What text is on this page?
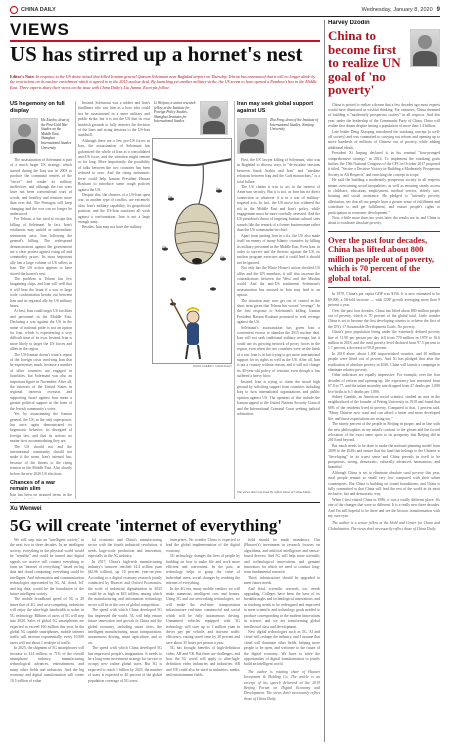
CHINA DAILY	Wednesday, January 8, 2020 9
VIEWS
US has stirred up a hornet's nest
Editor's Note: In response to the US drone attack that killed Iranian general Qassem Soleimani near Baghdad airport on Thursday, Tehran has announced that it will no longer abide by the restrictions on its nuclear enrichment which it agreed to in the 2015 nuclear deal. By launching yet another military strike, the US seems to have opened a Pandora's box in the Middle East. Three experts share their views on the issue with China Daily's Liu Jianna. Excerpts follow:
US hegemony on full display
Hu Xiaobo, dean of the Post-Cold War Studies on the Middle East, Shanghai International Studies University

The assassination of Soleimani is part of a much larger US strategy, which started during the Iraq war in 2003 to produce the command centers of the "terror" and render its military ineffective, and although the two wars have not been conventional wars of words, and hostility and tensions more than ever did. The Pentagon will keep changing and the war can no longer be understood.

For Tehran, it has tried to escape this killing of Soleimani. In fact, Iran's retaliation may unfold as nationalistic sentiments arise. Iran following the general's killing. The widespread demonstrations against the government are a clear protest against rising oil and commodity prices. Its most important ally has a large volume of US sellers in Iran. The US action appears to have stirred the hornet's nest.

The problem is Tehran has few bargaining chips, and Iran will well that it will bear the brunt if a war or large scale confrontation breaks out between Iran and its regional ally by US military bases.

At best, Iran could target US facilities and personnel in the Middle East. Declaring a war against the US in the name of national pride is not an option for Iran, which is experiencing a very difficult time of its own. Instead, Iran is more likely to target the US forces and allies in the region.

The US-Iranian doesn't want a repeat of the foreign crisis involving Iran that he experiences much, because a number of other countries are engaged in hostilities, but Soleimani was also an important figure in November. After all, the interests of the United States in regional interests overseas and supporting Israel against Iran mean a greater political support in the form of the Jewish community's votes.

Yet, by assassinating the Iranian general, the US, as the only superpower, has once again demonstrated its hegemonic behavior, its disregard of foreign law, and that its actions no matter how accommodating they are.

The US should not and the international community should not make it the norm. Iran's internal law, because of the threats to the rising tension in the Middle East. Also shortly before the new 2020 US elections.

Chances of a war remain slim
Iran has been on strained terms in the

Instead, Soleimani was a soldier and Iran's hardliners who saw him as a hero who could not be assassinated in a mere military and public strike, but it is not the US that its own hawkish grounds to fully answers the decision of the lines and rising tensions to the US-Iran standstill.

Although there are a few pro-US forces in Iran, the assassination of Soleimani has galvanized the whole of Iran as a consolidated anti-US force, and the situation might remain so for long. More importantly, the possibility of talks between the two countries has been reduced to zero. And the rising antisemitic fever could help Iranian President Hassan Rouhani to introduce some tough policies against the US.

Despite this, the chances of a US-Iran open war, or another type of conflict, are extremely slim. Iran's military capability, its geopolitical position, and the US-Iran sanctions all work against a confrontation. Iran is not a large enough army.

Besides, Iran may not have the military

Li Weijian, a senior research fellow at the Institute for Foreign Policy Studies, Shanghai Institutes for International Studies

DONG XUEBIN / CHINA DAILY
Iran may seek global support against US
Zhu Feng, dean of the Institute of International Studies, Nanjing University

First, the US' lawyer killing of Soleimani, who was in Baghdad to discuss ways to "de-escalate tensions between Saudi Arabia and Iran" and "mediate relations between Iraq and the Gulf monarchies," is a total failure.

The US claims it was to act in the interest of American security. But it is not, as Iran has no direct connection or whatever it is in a war of military-targeted acts. In fact, the US move has widened the rift in the Middle East and Iran's policy, while engagement must be more carefully assessed. And the US president's threat of targeting Iranian cultural sites sounds like the remark of a former businessman rather than the US commander-in-chief.

Apart from putting Iran in a fix, the US also made itself an enemy of many Islamic countries by killing its military personnel in the Middle East. Even Iran, in order to survive and the rhetoric against the US, its nuclear program exercises and it could lead it should not be ignored.

Not only has the White House's action shocked US allies and the UN members, it will also increase the contradictions between the West and the Muslim world. And the anti-US sentiments Soleimani's assassination has aroused in Iran may lead to an uproar.

The situation may now get out of control in the short term given that Tehran has vowed "revenge". In the first response to Soleimani's killing, Iranian President Hassan Rouhani promised to seek revenge against the US.

Soleimani's assassination has given Iran a convenient excuse to abandon the 2015 nuclear deal. Iran will not seek traditional military revenge, but it could use its growing network of proxy forces in the region, even when the two countries were on the brink of a war. Iran is in fact trying to get more international support for its rights as well as the US. After all, Iran is not a country without reason, and it will not change its 40-year-old policy of restraint even though it has suffered a heavy blow.

Instead, Iran is trying to claim the moral high ground by soliciting support from countries including Iraq to turn international organizations and public opinion against US. The opinions of this include the Iranian appeal to the United Nations Security Council and the International Criminal Court seeking judicial arbitration.

The views don't necessarily reflect those of China Daily.
Xu Wenwei
5G will create 'internet of everything'

We will step into an "intelligent society" in the next two to three decades. In an intelligent society, everything in the physical world would be "sensible" and could be turned into digital signals we receive will connect everything to form an "internet of everything," based on big data and cloud computing, everything could be intelligent. And information and communication technologies represented by 5G, AI, cloud, IoT and big data, would be the foundation of the future intelligent society.

The mobile broadband speed of 5G is 20 times that of 4G, and cost-competing, industries will enjoy the ultra-high bandwidth to usher in 5G technology. Billions of users of 5G will step into 2020. Sales of global 5G smartphones are expected to exceed 160 million this year. In the global 5G capable smartphones, mobile internet traffic will increase exponentially, every 10,000 users will use about 1 terabyte of traffic.

In 2025, the shipment of 5G smartphones will increase to 414 million, or 71% of the overall smartphone industry, manufacturing technological advances, entertainment, and many other fields and industries. And the big economy and digital transformation will create 10.5 trillion of value.

ful economic and China's manufacturing sector with the fourth industrial revolution, it needs large-scale production and innovation, especially in the 5G industry.

In 2017, China's high-tech manufacturing industry's turnover reached 14.4 trillion yuan ($2.06 trillion), up 10 percent year-on-year. According to a digital economy research jointly conducted by Huawei and Oxford Economics, the scale of industrial digitalization in 2025 could be as high as $23 trillion, among which the manufacturing and information technology sector will be at the core of global competition.

The speed with which China developed 5G has impressed the world. 5G will help ensure future innovation and growth in China and the global economy, including smart cities, the intelligent manufacturing, smart transportation, autonomous driving, smart agriculture, and so on.

The speed with which China developed 5G has impressed people's imagination. It needs to be a long-term investment strategy for service to occupy new online global users. But 5G is expected to reach 1 billion by 2025, the number of users is expected to 40 percent of the global population coverage of 5G users.

enterprises. No wonder China is expected to lead the global implementation of the digital economy.

5G technology changes the lives of people by building on how to make life and work more efficient and convenient. In the past, as technology helps to grasp the value of individual users, social changes by reaching the internet of everything.

In the 4G era, many mobile vendors we will make numerous intelligent cars and homes. Using 5G and our networking technologies, we will make the real-time transportation infrastructure real-time commercial and social which will be fully autonomous driving. Unmanned vehicles equipped with 5G technology will save up to 1 million yuan in driver pay per vehicle, and increase traffic efficiency, cutting travel time by 20 percent and save about 35 hours per person a year.

5G has brought benefits of high-definition video, AR and VR. But there are challenges, and how the 5G world will apply to ultra-high-definition video industries and industries. AR and VR could also be used in industries, media, and entertainment fields.

field should be made mandatory. Our (Huawei's) investment in research focuses on algorithms, and artificial intelligence and sensor-based devices. And 5G will help more scientific and technological innovations and genuine innovators for which we need to conduct long-term fundamental research.

Third, infrastructure should be upgraded to meet future needs.

And third, scientific research, too, needs upgrading. Colleges have been the base of its breakthroughs and technological innovations, and in teaching needs to be redesigned and improved to meet scientific and technology goals needed to produce corresponding to the modern innovations in science, and we are transforming global intellectual class and development.

New digital technologies such as 5G, AI and cloud will reshape the industry, and I assume that cloud will dominate other fields, helping more people to be open, and welcome to the future of the digital economy. We have to seize the opportunities of digital transformation to jointly build an intelligent world.

The author is rotating chair of Huawei Investment & Holding Co. The article is an excerpt of his speech delivered at the 2019 Beijing Forum on Digital Economy and Development. The views don't necessarily reflect those of China Daily.

Harvey Dzodin
China to become first to realize UN goal of 'no poverty'

China is poised to realize a dream that a few decades ago most experts would have dismissed as wishful thinking. For centuries, China dreamed of building a "moderately prosperous society" in all respects. And this year, under the leadership of the Communist Party of China, China will realize that dream despite having a population of more than 1.4 billion.

Late leader Deng Xiaoping introduced the xiaokang concept (a well-off society) and was committed to carrying out reform and opening up to move hundreds of millions of Chinese out of poverty, while adding additional ideals.

President Xi Jinping declared it in his seminal "four-pronged comprehensive strategy" in 2014. To implement the xiaokang goals further, the 19th National Congress of the CPC in October 2017 proposed it titled, "Secure a Decisive Victory in Building a Moderately Prosperous Society in All Respects" and enriching the concept in scope.

He said the building a moderately prosperous society in all respects meant overcoming social inequalities, as well as ensuring steady access to childcare, education, employment, medical service, elderly care, housing and social assistance. He pledged to "intensify poverty alleviation, see that all our people have a greater sense of fulfillment and contribute to and get fulfillment, and ensure people's rights to participation in economic development."

Now, a little more than two years later, the results are in, and China is about to eradicate absolute poverty.

Over the past four decades, China has lifted about 800 million people out of poverty, which is 70 percent of the global total.

In 1979, China's per capita GDP was $156. It is now estimated to be $9,000, a 58-fold increase — with GDP growth averaging more than 9 percent a year.

Over the past four decades, China has lifted about 800 million people out of poverty, which is 70 percent of the global total. Little wonder China is set to become the first developing country to achieve the first of the UN's 17 Sustainable Development Goals. No poverty.

China's poor population living under the extremely defined poverty line of 11.90 per person per day fell from 770 million in 1978 to 16.6 million in 2018, and the rural poverty level declined from 97.5 percent to 1.7 percent, a decrease of 95.8 percent.

In 2018 alone, about 1,400 impoverished counties, and 10 million people were lifted out of poverty. And Xi has pledged that after the eradication of absolute poverty in 2020, China will launch a campaign to eliminate relative poverty.

Other indicators are equally impressive. For example, over the four decades of reform and opening-up, life expectancy has increased from 67.8 to 77, and the infant mortality rate dropped from 47 deaths per 1,000 live births to 6.1 deaths per 1,000.

Sidney Gamble, an American social scientist, studied an area in the neighborhood of the founder of Peking University in 1918 and found that 60% of the residents lived in poverty. Compared to that, 1 percent said, "Many Chinese now want and can afford a better and more developed life, and those expectations are rising too."

The ninety percent of the people in Beijing in proper, and in line with the new philosophies in my mind's contrast to the gloom and the forced relocation of the exact same spots to its prosperity that Beijing did in 2010 and beyond.

But much needs to be done to make the national planning model from 2008 to the 2020s and ensure that the land that belongs to the Chinese is "developing" in its truest sense and China prevails in itself to be prosperous, strong, democratic, culturally advanced, harmonious, and beautiful.

Although China is set to eliminate absolute rural poverty this year, rural people remain so small very low compared with their urban counterparts. But China is building on sound foundations, and China is fully committed to that China will lead the rest of the world in its most inclusive, fair and democratic way.

When I first visited China in 1986, it was a totally different place. It's one of the changes that were so different. It is a really new three decades. And I'm still hopeful to be there and see the historic transformation with my own eyes.

The author is a senior fellow at the Hold and Center for China and Globalization. The views don't necessarily reflect those of China Daily.
